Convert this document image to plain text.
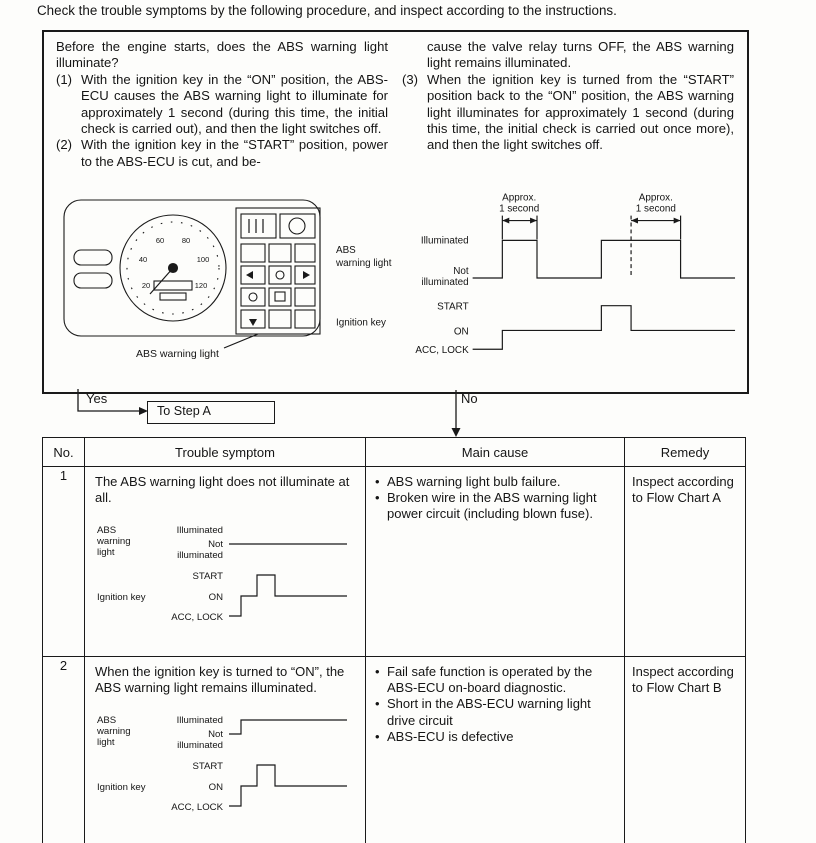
Check the trouble symptoms by the following procedure, and inspect according to the instructions.
Before the engine starts, does the ABS warning light illuminate?
(1) With the ignition key in the “ON” position, the ABS-ECU causes the ABS warning light to illuminate for approximately 1 second (during this time, the initial check is carried out), and then the light switches off.
(2) With the ignition key in the “START” position, power to the ABS-ECU is cut, and be-
cause the valve relay turns OFF, the ABS warning light remains illuminated.
(3) When the ignition key is turned from the “START” position back to the “ON” position, the ABS warning light illuminates for approximately 1 second (during this time, the initial check is carried out once more), and then the light switches off.
20
40
60 80
100
120
ABS warning light
Approx.
1 second
Approx.
1 second
Illuminated
ABS
warning light
Not
illuminated
START
Ignition key
ON
ACC, LOCK
Yes
To Step A
No
No.	Trouble symptom	Main cause	Remedy
1	The ABS warning light does not illuminate at all.
ABS
warning
light
Illuminated
Not
illuminated
START
Ignition key	ON
ACC, LOCK

• ABS warning light bulb failure.
• Broken wire in the ABS warning light power circuit (including blown fuse).
	Inspect according to Flow Chart A
2	When the ignition key is turned to “ON”, the ABS warning light remains illuminated.
ABS
warning
light
Illuminated
Not
illuminated
START
Ignition key	ON
ACC, LOCK

• Fail safe function is operated by the ABS-ECU on-board diagnostic.
• Short in the ABS-ECU warning light drive circuit
• ABS-ECU is defective
	Inspect according to Flow Chart B
